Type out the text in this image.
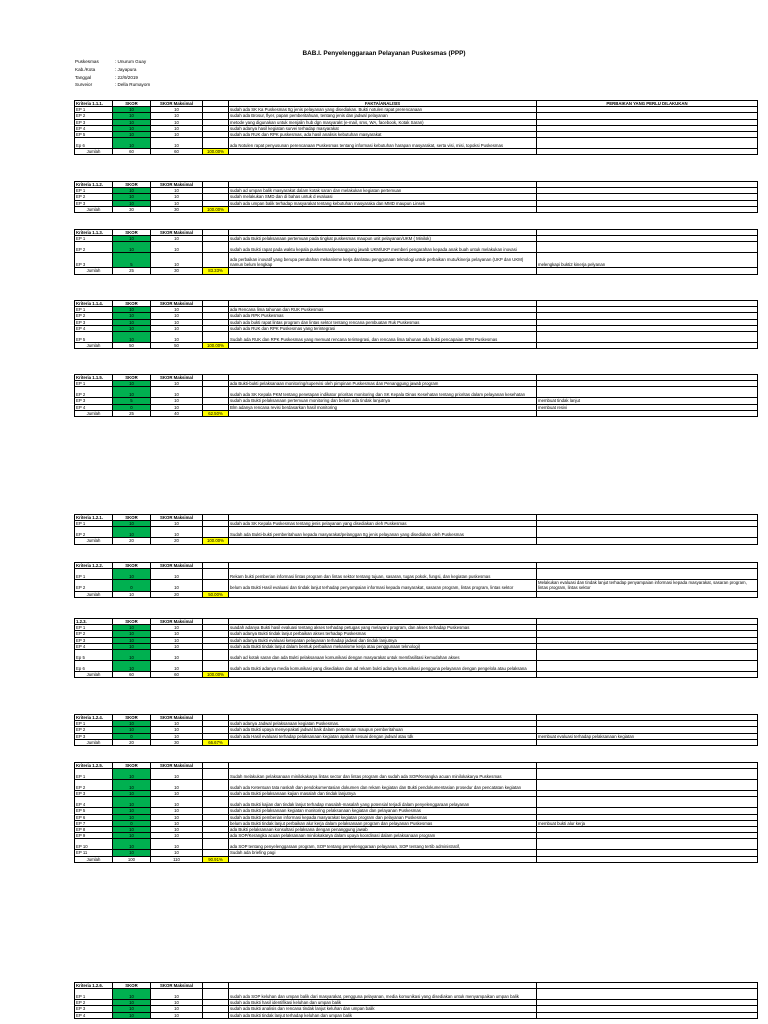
BAB.I. Penyelenggaraan Pelayanan Puskesmas (PPP)
Puskesmas	: Unurum Guay
Kab./Kota	: Jayapura
Tanggal	: 22/9/2019
Surveior	: Della Rumayom
Kriteria 1.1.1.	SKOR	SKOR Maksimal		FAKTA/ANALISIS	PERBAIKAN YANG PERLU DILAKUKAN
EP 1	10	10		sudah ada SK Ka Puskesmas ttg jenis pelayanan yang disediakan. Bukti notulen rapat prerencanaan	
EP 2	10	10		sudah ada Brosur, flyer, papan pemberitahuan, tentang jenis dan jadwal pelayanan	
EP 3	10	10		metode yang digunakan untuk menjalin hub dgn masyarakt (e-mail, sms, WA, facebook, Kotak Saran)	
EP 4	10	10		sudah adanya hasil kegiatan survei terhadap masyarakat	
EP 5	10	10		sudah ada RUK dan RPK puskesmas, ada hasil analisis kebutuhan masyarakat	
Ep 6	10	10		ada Notulen rapat penyusunan perencanaan Puskesmas tentang informasi kebutuhan harapan masyarakat, serta visi, misi, topoksi Puskesmas	
Jumlah	60	60	100.00%		
Kriteria 1.1.2.	SKOR	SKOR Maksimal			
EP 1	10	10		sudah ad umpan balik masyarakat dalam kotak saran dan melakukan kegiatan pertemuan	
EP 2	10	10		sudah melakukan SMD dan di bahas untuk d evaluasi	
EP 3	10	10		sudah ada umpan balik terhadap masyarakat tentang kebutuhan masyaraka dan MMD maupun Linsek	
Jumlah	30	30	100.00%		
Kriteria 1.1.3.	SKOR	SKOR Maksimal			
EP 1	10	10		sudah ada Bukti pelaksanaan pertemuan pada tingkat puskesmas maupun unit pelayanan/UKM ( Minilok)	
EP 2	10	10		sudah ada Bukti rapat pada waktu kepala puskesmas/penanggung jawab UKM/UKP memberi pengarahan kepada anak buah untuk melakukan inovasi	
EP 3	5	10		ada perbaikan inovatif yang berupa perubahan mekanisme kerja dan/atau penggunaan teknologi untuk perbaikan mutu/kinerja pelayanan (UKP dan UKM) namun belum lengkap	melengkapi bukti2 kinerja pelyanan
Jumlah	25	30	83.33%		
Kriteria 1.1.4.	SKOR	SKOR Maksimal			
EP 1	10	10		ada Rencana lima tahunan dan RUK Puskesmas	
EP 2	10	10		sudah ada RPK Puskesmas	
EP 3	10	10		sudah ada bukti rapat lintas program dan lintas sektor tentang rencana pembuatan Ruk Puskesmas	
EP 4	10	10		sudah ada RUK dan RPK Puskesmas yang terintegrasi	
EP 5	10	10		Sudah ada RUK dan RPK Puskesmas yang memuat rencana terintegrasi, dan rencana lima tahunan ada bukti pencapaian SPM Puskesmas	
Jumlah	50	50	100.00%		
Kriteria 1.1.5.	SKOR	SKOR Maksimal			
EP 1	10	10		ada Bukti-bukti pelaksanaan monitoring/supervisi oleh pimpinan Puskesmas dan Penanggung jawab program	
EP 2	10	10		sudah ada SK Kepala PKM tentang penetapan indikator prioritas monitoring dan SK Kepala Dinas Kesehatan tentang prioritas dalam pelayanan kesehatan	
EP 3	5	10		sudah ada Bukti pelaksanaan pertemuan monitoring dan belum ada tindak lanjutnya	membuat tindak lanjut
EP 4	0	10		Blm adanya rencana revisi berdasarkan hasil monitoring	membuat resivi
Jumlah	25	40	62.50%		
Kriteria 1.2.1.	SKOR	SKOR Maksimal			
EP 1	10	10		sudah ada SK Kepala Puskesmas tentang jenis pelayanan yang disediakan oleh Puskesmas	
EP 2	10	10		Sudah ada Bukti-bukti pemberitahuan kepada masyarakat/pelanggan ttg jenis pelayanan yang disediakan oleh Puskesmas	
Jumlah	20	20	100.00%		
Kriteria 1.2.2.	SKOR	SKOR Maksimal			
EP 1	10	10		Rekam bukti pemberian informasi lintas program dan lintas sektor tentang tujuan, sasaran, tugas pokok, fungsi, dan kegiatan puskesmas	
EP 2	0	10		belum ada Bukti Hasil evaluasi dan tindak lanjut terhadap penyampaian informasi kepada masyarakat, sasaran program, lintas program, lintas sektor	Melakukan evaluasi dan tindak lanjut terhadap penyampaian informasi kepada masyarakat, sasaran program, lintas program, lintas sektor
Jumlah	10	20	50.00%		
1.2.3.	SKOR	SKOR Maksimal			
EP 1	10	10		suadah adanya Bukti hasil evaluasi tentang akses terhadap petugas yang melayani program, dan akses terhadap Puskesmas	
EP 2	10	10		sudah adanya Bukti tindak lanjut perbaikan akses terhadap Puskesmas	
EP 3	10	10		sudah adanya Bukti evaluasi ketepatan pelayanan terhadap jadwal dan tindak lanjutnya	
EP 4	10	10		sudah ada Bukti tindak lanjut dalam bentuk perbaikan mekanisme kerja atau penggunaan teknologi)	
Ep 5	10	10		sudah ad kotak saran dan ada Bukti pelaksanaan komunikasi dengan masyarakat untuk memfasilitasi kemudahan akses	
Ep 6	10	10		sudah ada Bukti adanya media komunikasi yang disediakan dan ad rekam bukti adanya komunikasi pengguna pelayanan dengan pengelola atau pelaksana	
Jumlah	60	60	100.00%		
Kriteria 1.2.4.	SKOR	SKOR Maksimal			
EP 1	10	10		sudah adanya Jadwal pelaksanaan kegiatan Puskesmas.	
EP 2	10	10		sudah ada Bukti upaya menyepakati jadwal baik dalam pertemuan maupun pemberitahuan	
EP 3	0	10		sudah ada Hasil evaluasi terhadap pelaksanaan kegiatan apakah sesuai dengan jadwal atau tdk	membuat evaluasi terhadap pelaksanaan kegiatan
Jumlah	20	30	66.67%		
Kriteria 1.2.5.	SKOR	SKOR Maksimal			
EP 1	10	10		Sudah melakukan pelaksanaan minilokakarya lintas sector dan lintas program dan sudah ada SOP/Kerangka acuan minilokakarya Puskesmas	
EP 2	10	10		sudah ada Ketentuan tata naskah dan pendokumentasian dokumen dan rekam kegiatan dan Bukti pendokumentasian prosedur dan pencatatan kegiatan	
EP 3	10	10		sudah ada Bukti pelaksanaan kajian masalah dan tindak lanjutnya	
EP 4	10	10		sudah ada Bukti kajian dan tindak lanjut terhadap masalah-masalah yang potensial terjadi dalam penyelenggaraan pelayanan	
EP 5	10	10		sudah ada Bukti pelaksanaan kegiatan monitoring pelaksanaan kegiatan dan pelayanan Puskesmas	
EP 6	10	10		sudah ada Bukti pemberian informasi kepada masyarakat kegiatan program dan pelayanan Puskesmas	
EP 7	0	10		belum ada Bukti tindak lanjut perbaikan alur kerja dalam pelaksanaan program dan pelayanan Puskesmas	membuat bukti alur kerja
EP 8	10	10		ada Bukti pelaksanaan konsultasi pelaksana dengan penanggung jawab	
EP 9	10	10		ada SOP/Kerangka acuan pelaksanaan minilokakarya dalam upaya koordinasi dalam pelaksanaan program	
EP 10	10	10		ada SOP tentang penyelenggaraan program, SOP tentang penyelenggaraan pelayanan, SOP tentang tertib administratif,	
EP 11	10	10		Sudah ada briefing pagi	
Jumlah	100	110	90.91%		
Kriteria 1.2.6.	SKOR	SKOR Maksimal			
EP 1	10	10		sudah ada SOP keluhan dan umpan balik dari masyarakat, pengguna pelayanan, media komunikasi yang disediakan untuk menyampaikan umpan balik	
EP 2	10	10		sudah ada Bukti hasil identifikasi keluhan dan umpan balik	
EP 3	10	10		sudah ada Bukti analisis dan rencana tindak lanjut keluhan dan umpan balik	
EP 4	10	10		sudah ada Bukti tindak lanjut terhadap keluhan dan umpan balik	
